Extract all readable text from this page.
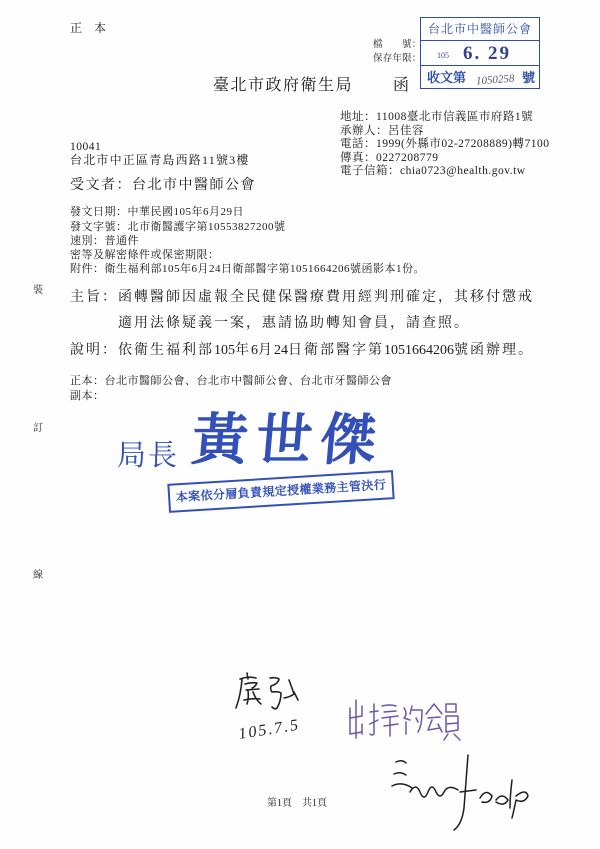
正　本
檔　　號：
保存年限：
台北市中醫師公會
105 6. 29
收文第 1050258 號
臺北市政府衛生局 函
地址：11008臺北市信義區市府路1號
承辦人：呂佳容
電話：1999(外縣市02-27208889)轉7100
傳真：0227208779
電子信箱：chia0723@health.gov.tw
10041
台北市中正區青島西路11號3樓
受文者：台北市中醫師公會
發文日期：中華民國105年6月29日
發文字號：北市衛醫護字第10553827200號
速別：普通件
密等及解密條件或保密期限：
附件：衛生福利部105年6月24日衛部醫字第1051664206號函影本1份。
主旨： 函轉醫師因虛報全民健保醫療費用經判刑確定，其移付懲戒
適用法條疑義一案，惠請協助轉知會員，請查照。
說明： 依衛生福利部105年6月24日衛部醫字第1051664206號函辦理。
正本：台北市醫師公會、台北市中醫師公會、台北市牙醫師公會
副本：
裝
訂
線
局長 黃世傑
本案依分層負責規定授權業務主管決行
105.7.5
第1頁　共1頁
